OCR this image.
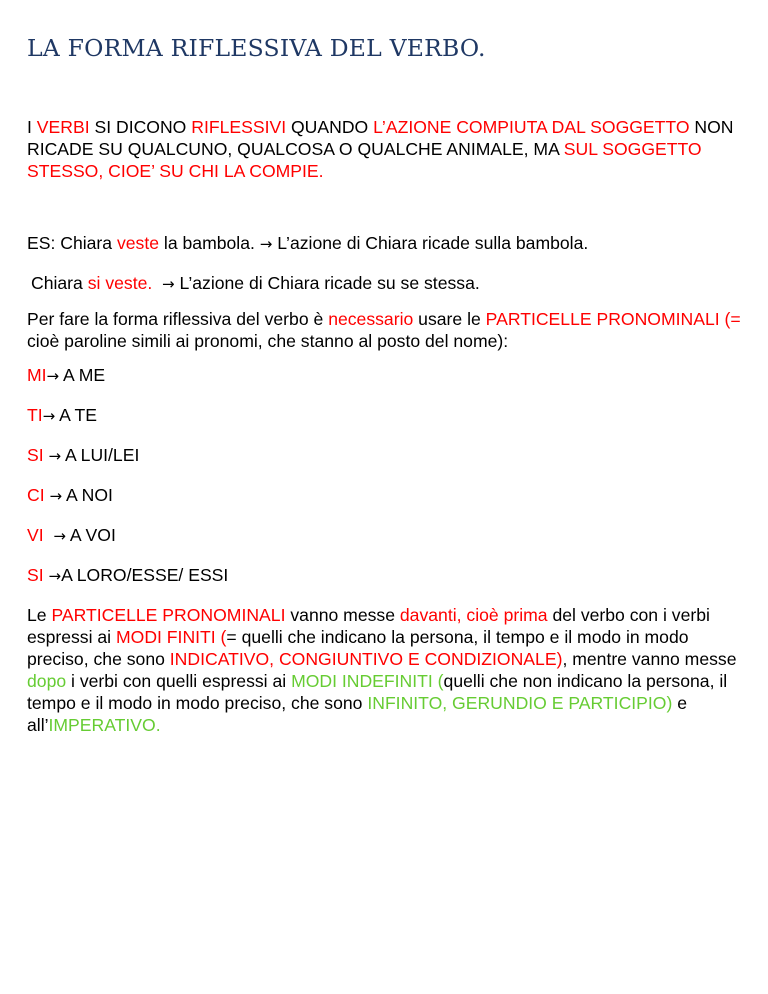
LA FORMA RIFLESSIVA DEL VERBO.

I VERBI SI DICONO RIFLESSIVI QUANDO L’AZIONE COMPIUTA DAL SOGGETTO NON RICADE SU QUALCUNO, QUALCOSA O QUALCHE ANIMALE, MA SUL SOGGETTO STESSO, CIOE’ SU CHI LA COMPIE.

ES: Chiara veste la bambola. → L’azione di Chiara ricade sulla bambola.

Chiara si veste. → L’azione di Chiara ricade su se stessa.

Per fare la forma riflessiva del verbo è necessario usare le PARTICELLE PRONOMINALI (= cioè paroline simili ai pronomi, che stanno al posto del nome):

MI→ A ME

TI→ A TE

SI → A LUI/LEI

CI → A NOI

VI → A VOI

SI →A LORO/ESSE/ ESSI

Le PARTICELLE PRONOMINALI vanno messe davanti, cioè prima del verbo con i verbi espressi ai MODI FINITI (= quelli che indicano la persona, il tempo e il modo in modo preciso, che sono INDICATIVO, CONGIUNTIVO E CONDIZIONALE), mentre vanno messe dopo i verbi con quelli espressi ai MODI INDEFINITI (quelli che non indicano la persona, il tempo e il modo in modo preciso, che sono INFINITO, GERUNDIO E PARTICIPIO) e all’IMPERATIVO.
